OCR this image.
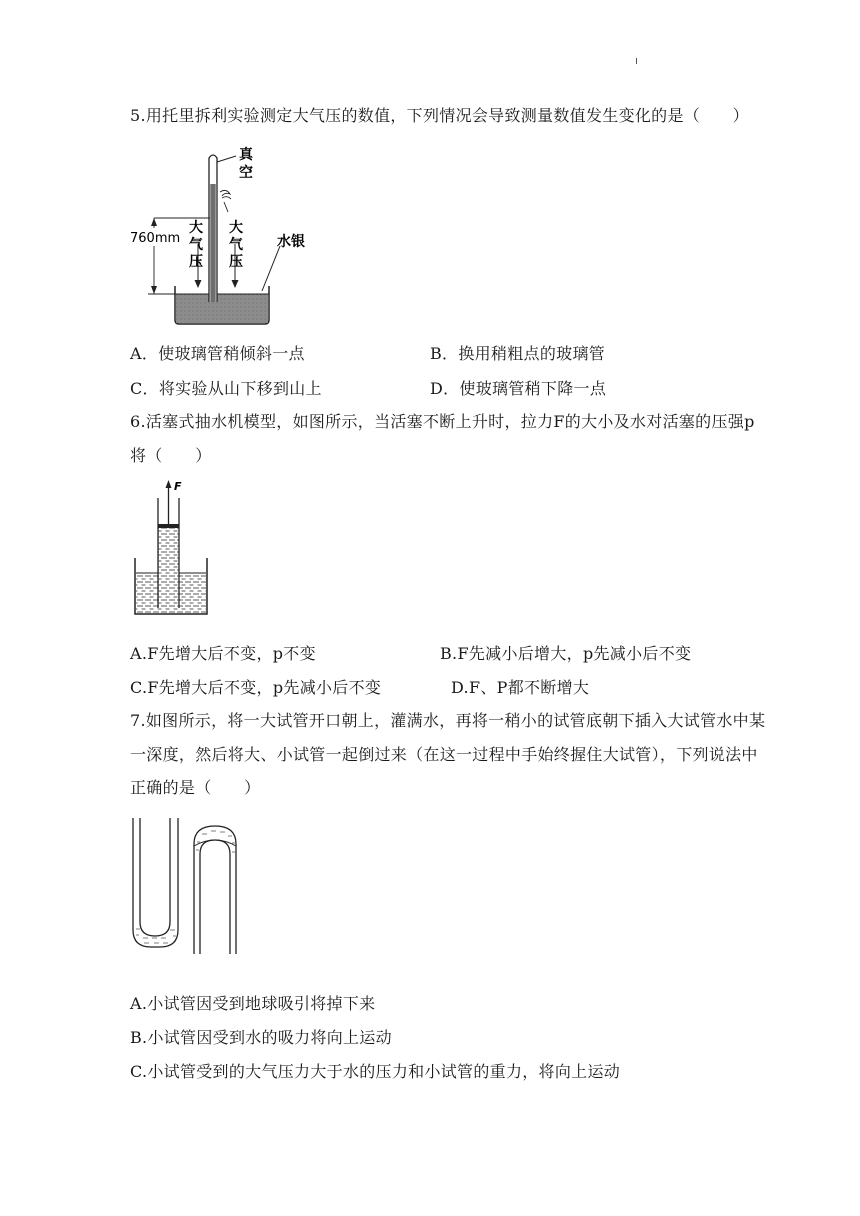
5.用托里拆利实验测定大气压的数值，下列情况会导致测量数值发生变化的是（　　）
真
空
760mm
大
气
压
大
气
压
水银
A．使玻璃管稍倾斜一点	B．换用稍粗点的玻璃管
C．将实验从山下移到山上	D．使玻璃管稍下降一点
6.活塞式抽水机模型，如图所示，当活塞不断上升时，拉力F的大小及水对活塞的压强p
将（　　）
F
A.F先增大后不变，p不变	B.F先减小后增大，p先减小后不变
C.F先增大后不变，p先减小后不变	D.F、P都不断增大
7.如图所示，将一大试管开口朝上，灌满水，再将一稍小的试管底朝下插入大试管水中某
一深度，然后将大、小试管一起倒过来（在这一过程中手始终握住大试管），下列说法中
正确的是（　　）
A.小试管因受到地球吸引将掉下来
B.小试管因受到水的吸力将向上运动
C.小试管受到的大气压力大于水的压力和小试管的重力，将向上运动
